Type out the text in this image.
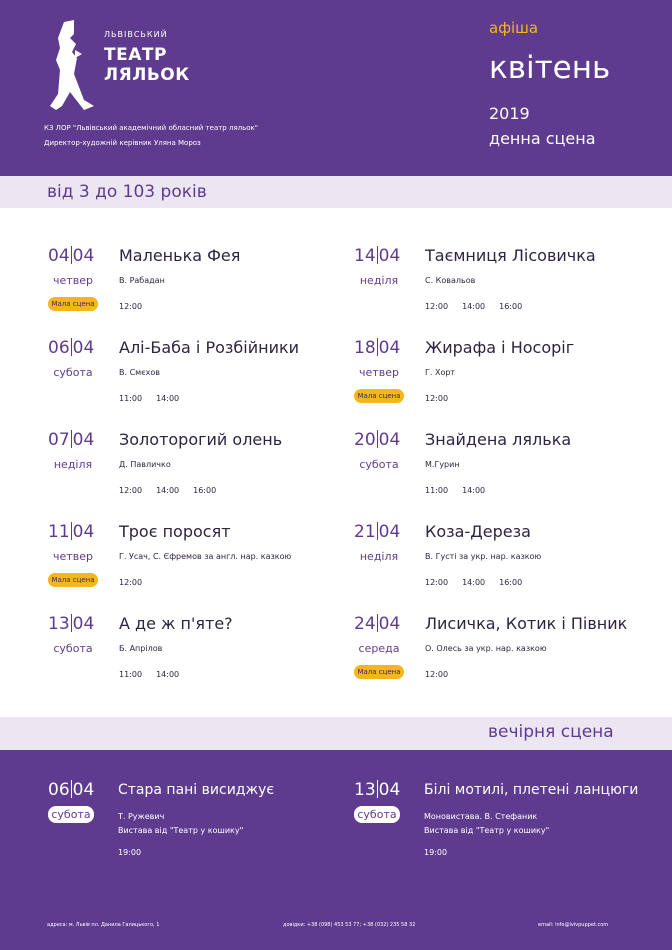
ЛЬВІВСЬКИЙ
ТЕАТР
ЛЯЛЬОК
КЗ ЛОР "Львівський академічний обласний театр ляльок"
Директор-художній керівник Уляна Мороз
афіша
квітень
2019
денна сцена
від 3 до 103 років
04 04
четвер
Мала сцена
Маленька Фея
В. Рабадан
12:00
06 04
субота
Алі-Баба і Розбійники
В. Смєхов
11:00 14:00
07 04
неділя
Золоторогий олень
Д. Павличко
12:00 14:00 16:00
11 04
четвер
Мала сцена
Троє поросят
Г. Усач, С. Єфремов за англ. нар. казкою
12:00
13 04
субота
А де ж п'яте?
Б. Апрілов
11:00 14:00
14 04
неділя
Таємниця Лісовичка
С. Ковальов
12:00 14:00 16:00
18 04
четвер
Мала сцена
Жирафа і Носоріг
Г. Хорт
12:00
20 04
субота
Знайдена лялька
М.Гурин
11:00 14:00
21 04
неділя
Коза-Дереза
В. Густі за укр. нар. казкою
12:00 14:00 16:00
24 04
середа
Мала сцена
Лисичка, Котик і Півник
О. Олесь за укр. нар. казкою
12:00
вечірня сцена
06 04
субота
Стара пані висиджує
Т. Ружевич
Вистава від "Театр у кошику"
19:00
13 04
субота
Білі мотилі, плетені ланцюги
Моновистава. В. Стефаник
Вистава від "Театр у кошику"
19:00
адреса: м. Львів пл. Данила Галицького, 1	довідки: +38 (098) 453 53 77; +38 (032) 235 58 32	email: info@lvivpuppet.com
